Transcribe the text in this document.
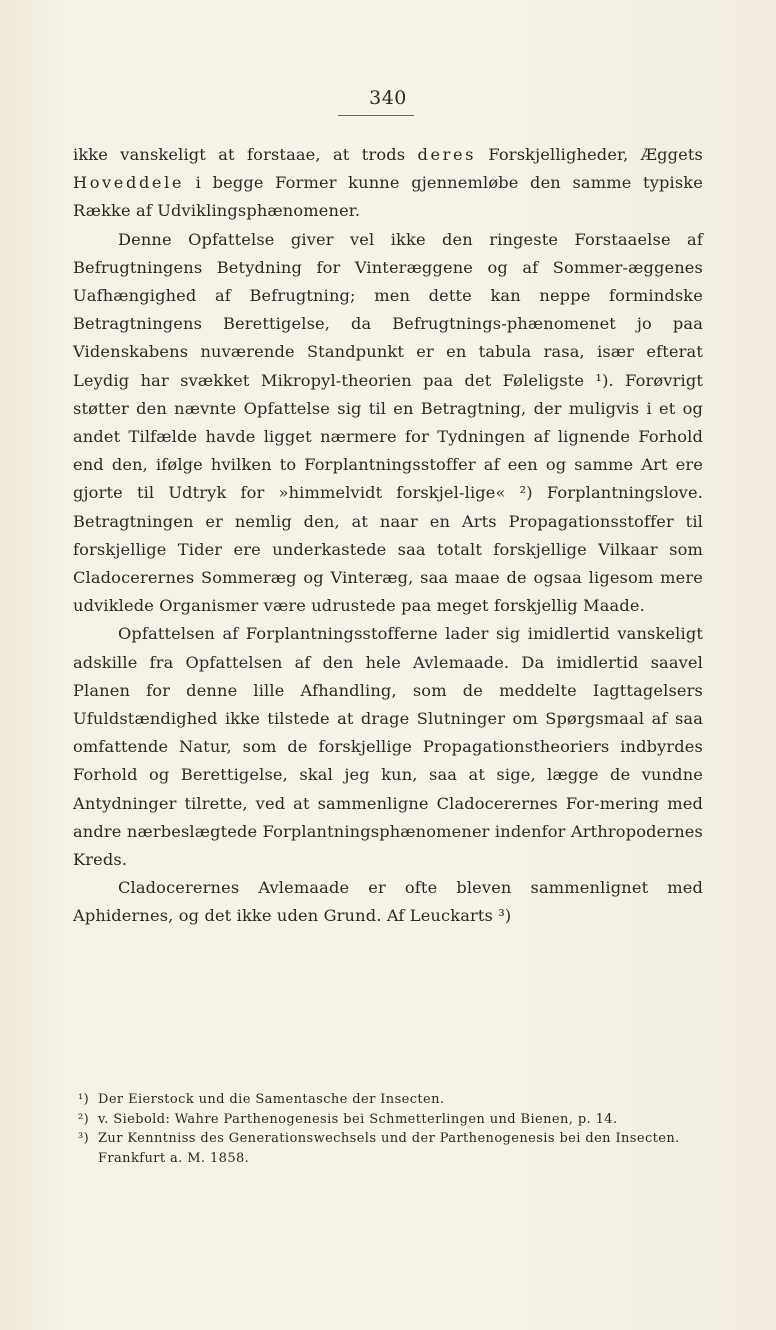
340

ikke vanskeligt at forstaae, at trods deres Forskjelligheder, Æggets Hoveddele i begge Former kunne gjennemløbe den samme typiske Række af Udviklingsphænomener.

Denne Opfattelse giver vel ikke den ringeste Forstaaelse af Befrugtningens Betydning for Vinteræggene og af Sommer-æggenes Uafhængighed af Befrugtning; men dette kan neppe formindske Betragtningens Berettigelse, da Befrugtnings-phænomenet jo paa Videnskabens nuværende Standpunkt er en tabula rasa, især efterat Leydig har svækket Mikropyl-theorien paa det Føleligste ¹). Forøvrigt støtter den nævnte Opfattelse sig til en Betragtning, der muligvis i et og andet Tilfælde havde ligget nærmere for Tydningen af lignende Forhold end den, ifølge hvilken to Forplantningsstoffer af een og samme Art ere gjorte til Udtryk for »himmelvidt forskjel-lige« ²) Forplantningslove. Betragtningen er nemlig den, at naar en Arts Propagationsstoffer til forskjellige Tider ere underkastede saa totalt forskjellige Vilkaar som Cladocerernes Sommeræg og Vinteræg, saa maae de ogsaa ligesom mere udviklede Organismer være udrustede paa meget forskjellig Maade.

Opfattelsen af Forplantningsstofferne lader sig imidlertid vanskeligt adskille fra Opfattelsen af den hele Avlemaade. Da imidlertid saavel Planen for denne lille Afhandling, som de meddelte Iagttagelsers Ufuldstændighed ikke tilstede at drage Slutninger om Spørgsmaal af saa omfattende Natur, som de forskjellige Propagationstheoriers indbyrdes Forhold og Berettigelse, skal jeg kun, saa at sige, lægge de vundne Antydninger tilrette, ved at sammenligne Cladocerernes For-mering med andre nærbeslægtede Forplantningsphænomener indenfor Arthropodernes Kreds.

Cladocerernes Avlemaade er ofte bleven sammenlignet med Aphidernes, og det ikke uden Grund. Af Leuckarts ³)

¹) Der Eierstock und die Samentasche der Insecten.
²) v. Siebold: Wahre Parthenogenesis bei Schmetterlingen und Bienen, p. 14.
³) Zur Kenntniss des Generationswechsels und der Parthenogenesis bei den Insecten. Frankfurt a. M. 1858.
